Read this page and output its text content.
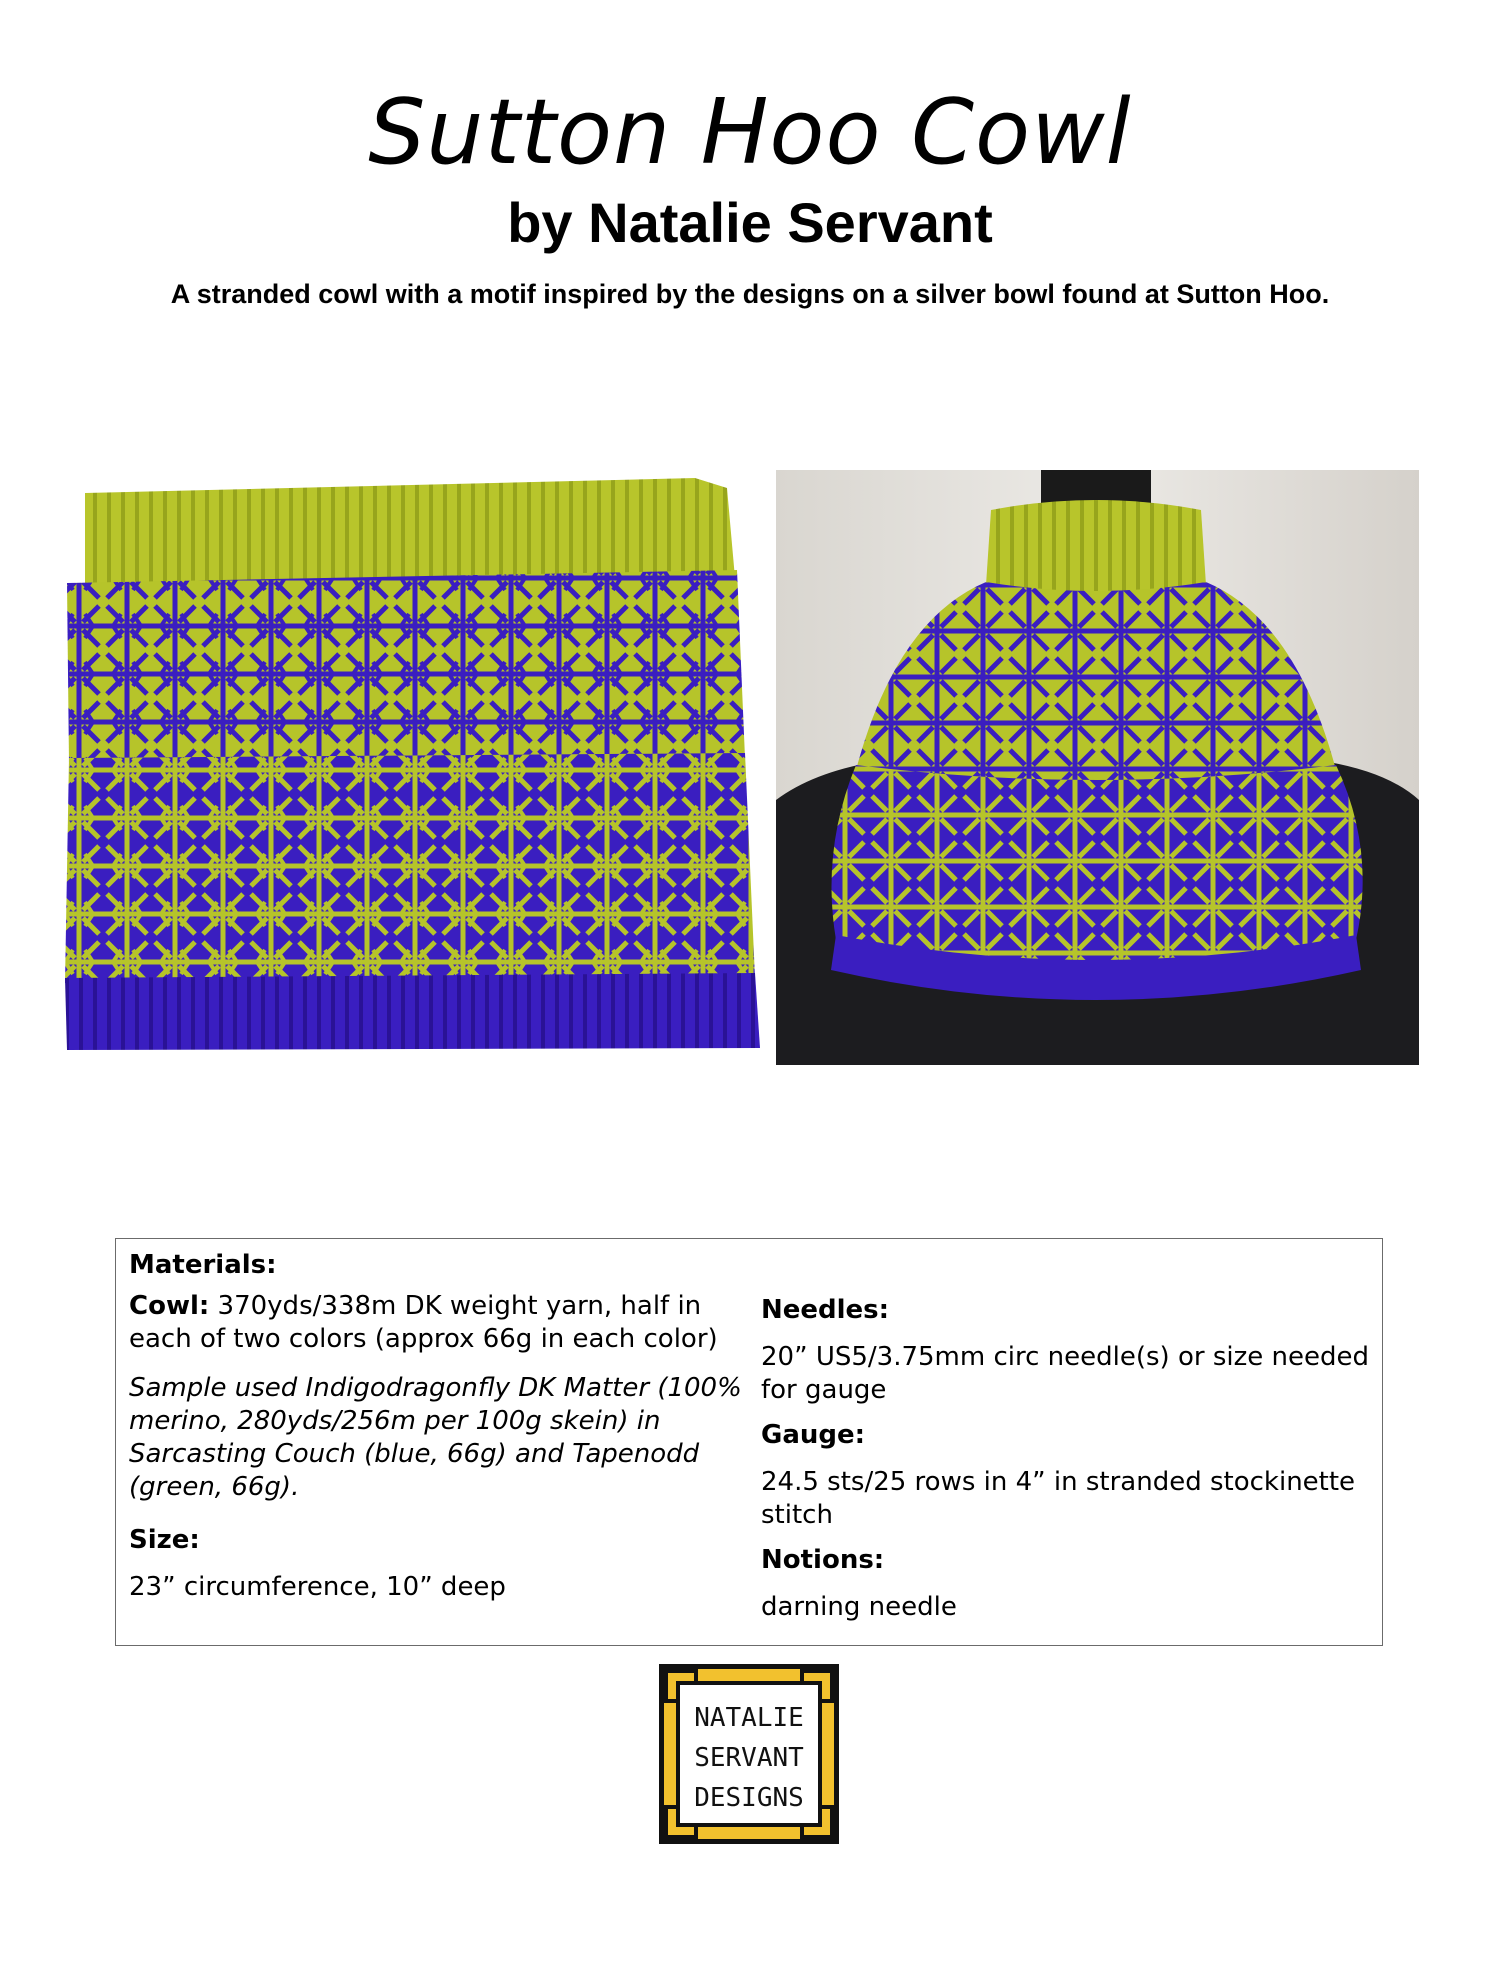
Sutton Hoo Cowl
by Natalie Servant
A stranded cowl with a motif inspired by the designs on a silver bowl found at Sutton Hoo.
Materials:

Cowl: 370yds/338m DK weight yarn, half in each of two colors (approx 66g in each color)

Sample used Indigodragonfly DK Matter (100% merino, 280yds/256m per 100g skein) in Sarcasting Couch (blue, 66g) and Tapenodd (green, 66g).

Size:

23” circumference, 10” deep

Needles:

20” US5/3.75mm circ needle(s) or size needed for gauge

Gauge:

24.5 sts/25 rows in 4” in stranded stockinette stitch

Notions:

darning needle

NATALIE
SERVANT
DESIGNS
